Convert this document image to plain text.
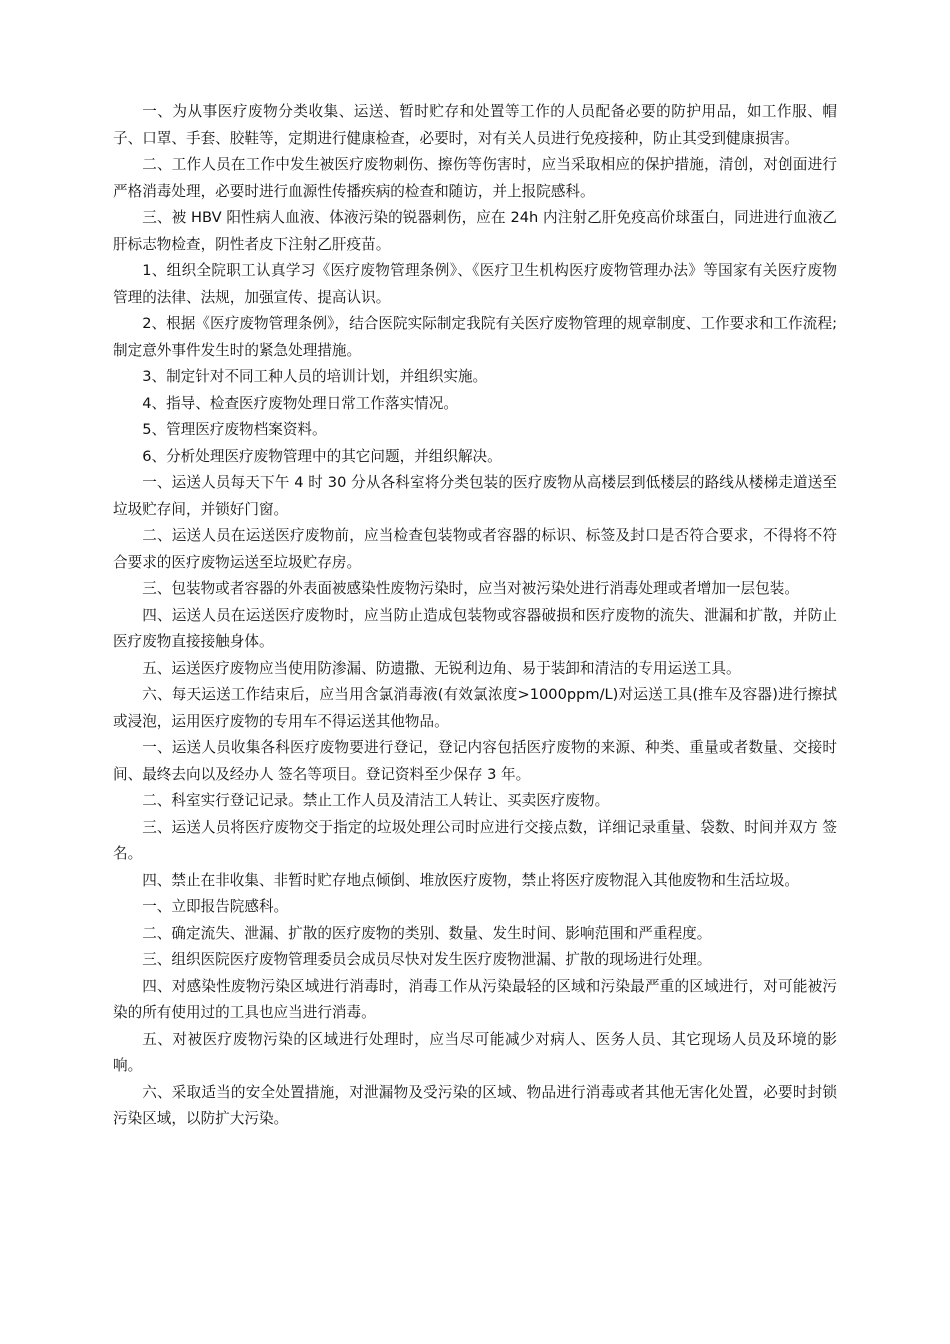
一、为从事医疗废物分类收集、运送、暂时贮存和处置等工作的人员配备必要的防护用品，如工作服、帽子、口罩、手套、胶鞋等，定期进行健康检查，必要时，对有关人员进行免疫接种，防止其受到健康损害。

二、工作人员在工作中发生被医疗废物刺伤、擦伤等伤害时，应当采取相应的保护措施，清创，对创面进行严格消毒处理，必要时进行血源性传播疾病的检查和随访，并上报院感科。

三、被 HBV 阳性病人血液、体液污染的锐器刺伤，应在 24h 内注射乙肝免疫高价球蛋白，同进进行血液乙肝标志物检查，阴性者皮下注射乙肝疫苗。

1、组织全院职工认真学习《医疗废物管理条例》、《医疗卫生机构医疗废物管理办法》等国家有关医疗废物管理的法律、法规，加强宣传、提高认识。

2、根据《医疗废物管理条例》，结合医院实际制定我院有关医疗废物管理的规章制度、工作要求和工作流程;制定意外事件发生时的紧急处理措施。

3、制定针对不同工种人员的培训计划，并组织实施。

4、指导、检查医疗废物处理日常工作落实情况。

5、管理医疗废物档案资料。

6、分析处理医疗废物管理中的其它问题，并组织解决。

一、运送人员每天下午 4 时 30 分从各科室将分类包装的医疗废物从高楼层到低楼层的路线从楼梯走道送至垃圾贮存间，并锁好门窗。

二、运送人员在运送医疗废物前，应当检查包装物或者容器的标识、标签及封口是否符合要求，不得将不符合要求的医疗废物运送至垃圾贮存房。

三、包装物或者容器的外表面被感染性废物污染时，应当对被污染处进行消毒处理或者增加一层包装。

四、运送人员在运送医疗废物时，应当防止造成包装物或容器破损和医疗废物的流失、泄漏和扩散，并防止医疗废物直接接触身体。

五、运送医疗废物应当使用防渗漏、防遗撒、无锐利边角、易于装卸和清洁的专用运送工具。

六、每天运送工作结束后，应当用含氯消毒液(有效氯浓度>1000ppm/L)对运送工具(推车及容器)进行擦拭或浸泡，运用医疗废物的专用车不得运送其他物品。

一、运送人员收集各科医疗废物要进行登记，登记内容包括医疗废物的来源、种类、重量或者数量、交接时间、最终去向以及经办人 签名等项目。登记资料至少保存 3 年。

二、科室实行登记记录。禁止工作人员及清洁工人转让、买卖医疗废物。

三、运送人员将医疗废物交于指定的垃圾处理公司时应进行交接点数，详细记录重量、袋数、时间并双方 签名。

四、禁止在非收集、非暂时贮存地点倾倒、堆放医疗废物，禁止将医疗废物混入其他废物和生活垃圾。

一、立即报告院感科。

二、确定流失、泄漏、扩散的医疗废物的类别、数量、发生时间、影响范围和严重程度。

三、组织医院医疗废物管理委员会成员尽快对发生医疗废物泄漏、扩散的现场进行处理。

四、对感染性废物污染区域进行消毒时，消毒工作从污染最轻的区域和污染最严重的区域进行，对可能被污染的所有使用过的工具也应当进行消毒。

五、对被医疗废物污染的区域进行处理时，应当尽可能减少对病人、医务人员、其它现场人员及环境的影响。

六、采取适当的安全处置措施，对泄漏物及受污染的区域、物品进行消毒或者其他无害化处置，必要时封锁污染区域，以防扩大污染。
